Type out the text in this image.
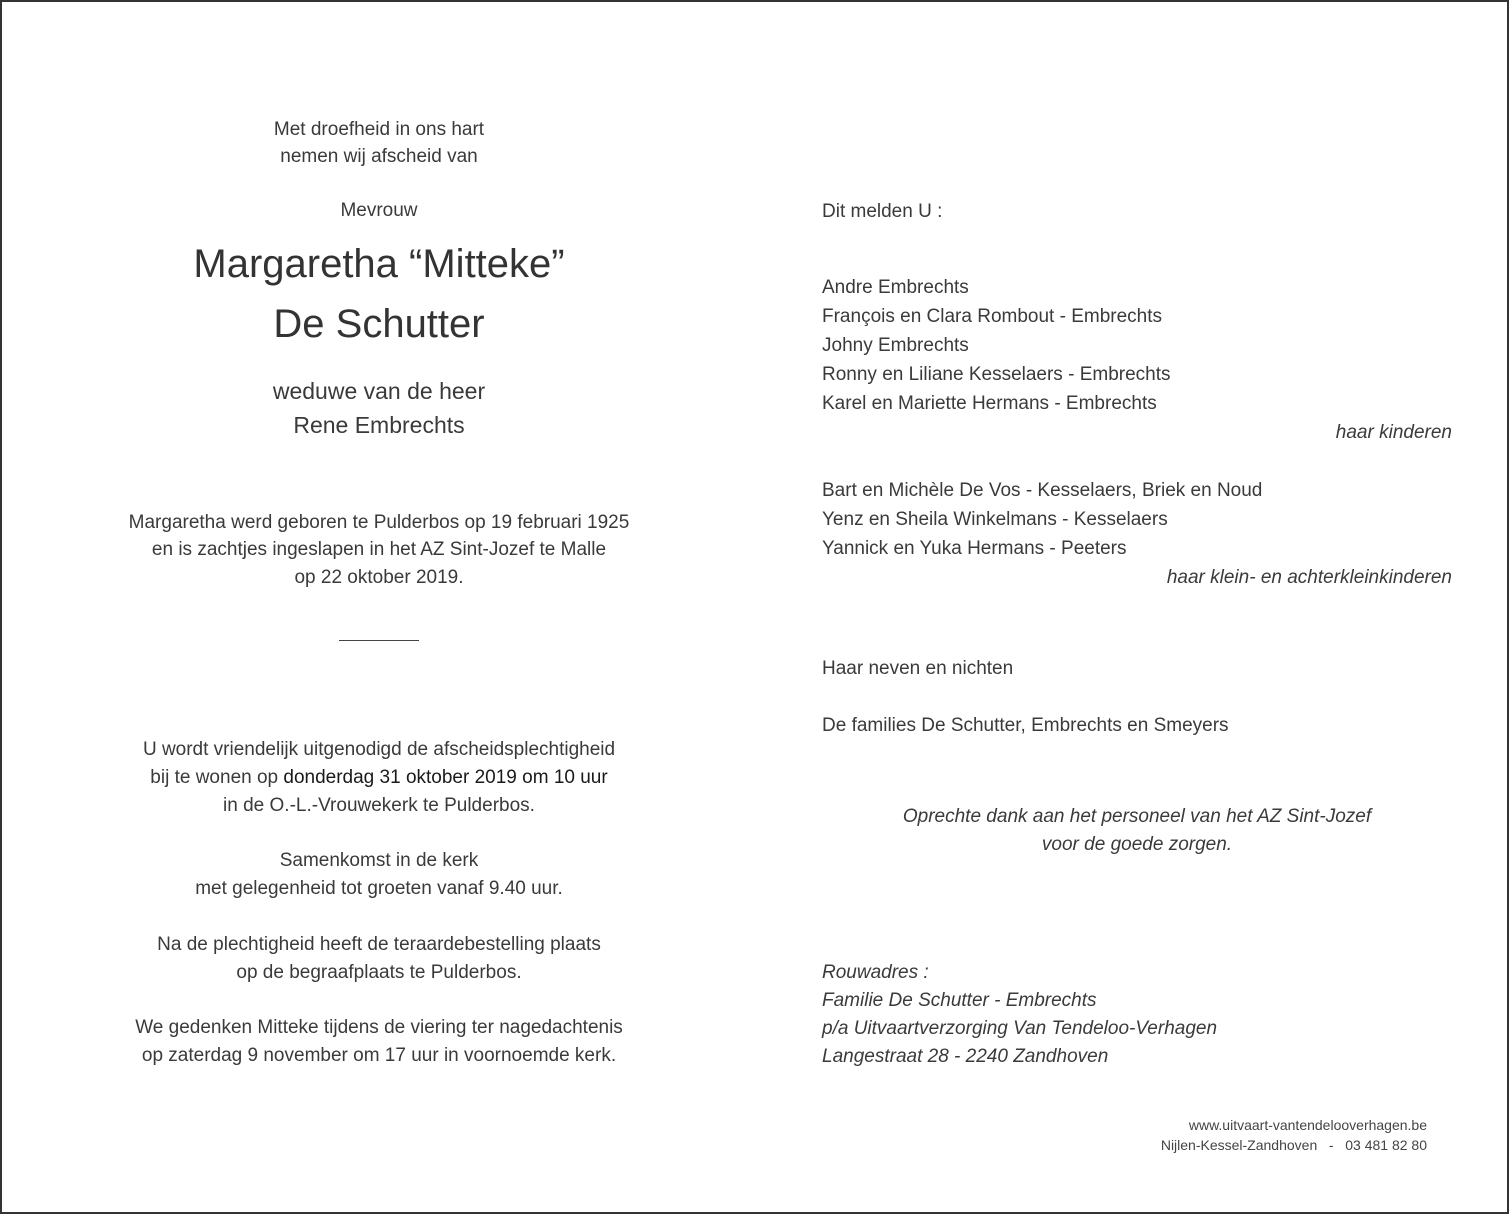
Met droefheid in ons hart

nemen wij afscheid van

Mevrouw

Margaretha “Mitteke”

De Schutter

weduwe van de heer

Rene Embrechts

Margaretha werd geboren te Pulderbos op 19 februari 1925

en is zachtjes ingeslapen in het AZ Sint-Jozef te Malle

op 22 oktober 2019.

U wordt vriendelijk uitgenodigd de afscheidsplechtigheid

bij te wonen op donderdag 31 oktober 2019 om 10 uur

in de O.-L.-Vrouwekerk te Pulderbos.

Samenkomst in de kerk

met gelegenheid tot groeten vanaf 9.40 uur.

Na de plechtigheid heeft de teraardebestelling plaats

op de begraafplaats te Pulderbos.

We gedenken Mitteke tijdens de viering ter nagedachtenis

op zaterdag 9 november om 17 uur in voornoemde kerk.

Dit melden U :

Andre Embrechts

François en Clara Rombout - Embrechts

Johny Embrechts

Ronny en Liliane Kesselaers - Embrechts

Karel en Mariette Hermans - Embrechts

haar kinderen

Bart en Michèle De Vos - Kesselaers, Briek en Noud

Yenz en Sheila Winkelmans - Kesselaers

Yannick en Yuka Hermans - Peeters

haar klein- en achterkleinkinderen

Haar neven en nichten

De families De Schutter, Embrechts en Smeyers

Oprechte dank aan het personeel van het AZ Sint-Jozef

voor de goede zorgen.

Rouwadres :

Familie De Schutter - Embrechts

p/a Uitvaartverzorging Van Tendeloo-Verhagen

Langestraat 28 - 2240 Zandhoven

www.uitvaart-vantendelooverhagen.be
Nijlen-Kessel-Zandhoven   -   03 481 82 80
